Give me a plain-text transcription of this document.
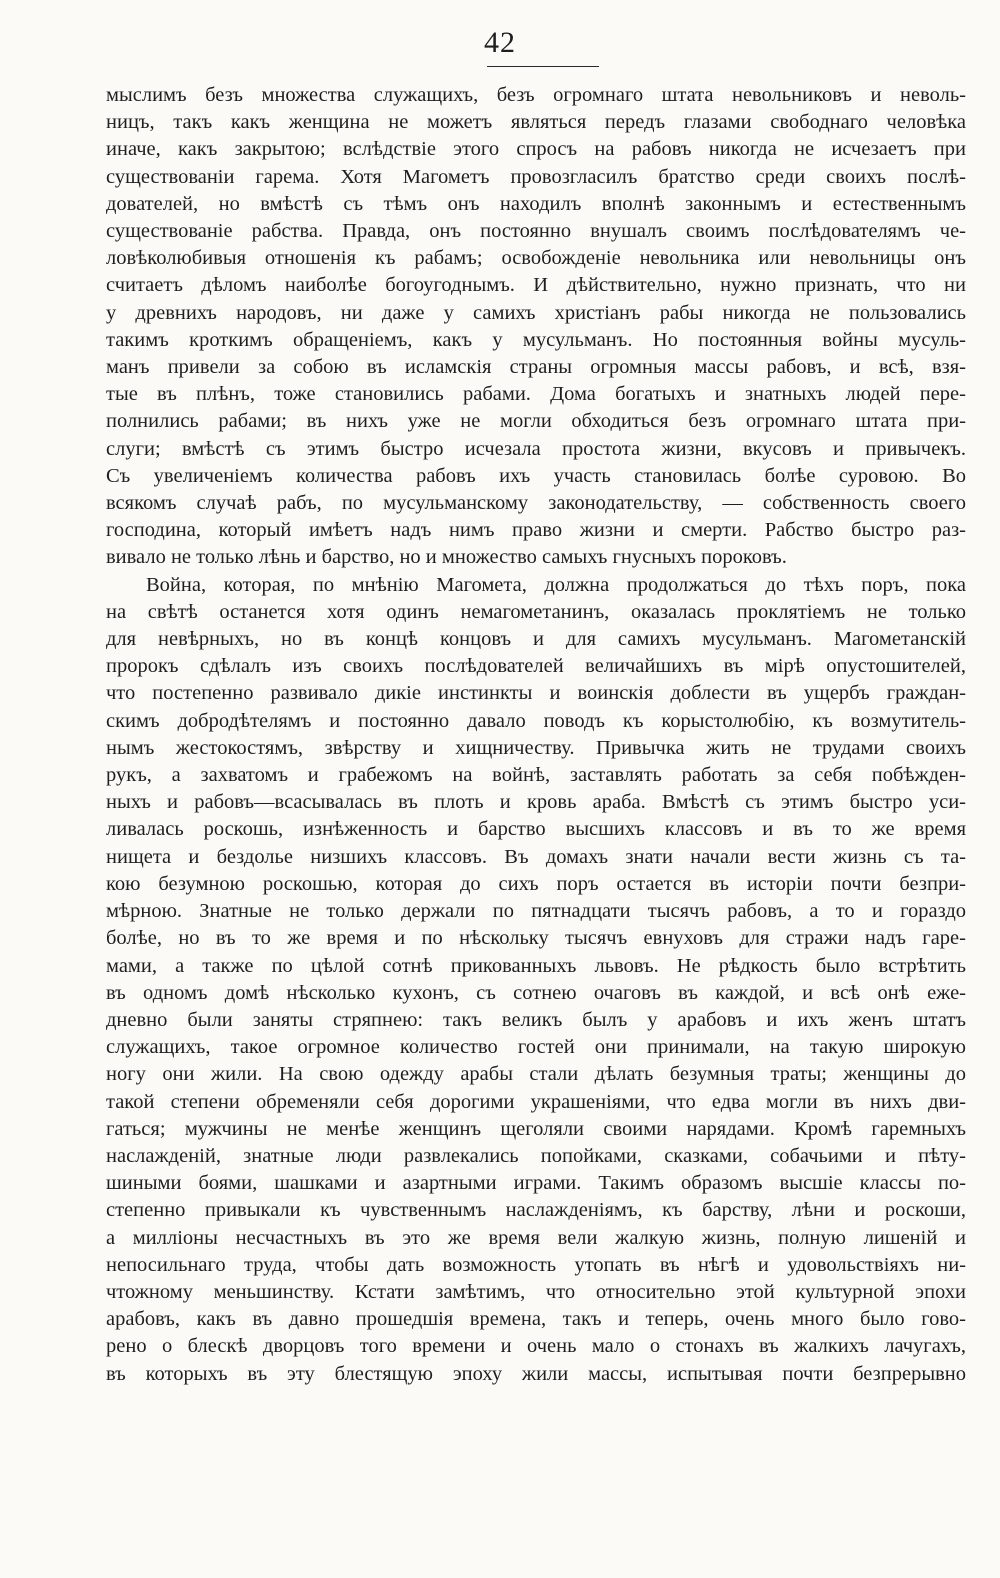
42
мыслимъ безъ множества служащихъ, безъ огромнаго штата невольниковъ и неволь-
ницъ, такъ какъ женщина не можетъ являться передъ глазами свободнаго человѣка
иначе, какъ закрытою; вслѣдствіе этого спросъ на рабовъ никогда не исчезаетъ при
существованіи гарема. Хотя Магометъ провозгласилъ братство среди своихъ послѣ-
дователей, но вмѣстѣ съ тѣмъ онъ находилъ вполнѣ законнымъ и естественнымъ
существованіе рабства. Правда, онъ постоянно внушалъ своимъ послѣдователямъ че-
ловѣколюбивыя отношенія къ рабамъ; освобожденіе невольника или невольницы онъ
считаетъ дѣломъ наиболѣе богоугоднымъ. И дѣйствительно, нужно признать, что ни
у древнихъ народовъ, ни даже у самихъ христіанъ рабы никогда не пользовались
такимъ кроткимъ обращеніемъ, какъ у мусульманъ. Но постоянныя войны мусуль-
манъ привели за собою въ исламскія страны огромныя массы рабовъ, и всѣ, взя-
тые въ плѣнъ, тоже становились рабами. Дома богатыхъ и знатныхъ людей пере-
полнились рабами; въ нихъ уже не могли обходиться безъ огромнаго штата при-
слуги; вмѣстѣ съ этимъ быстро исчезала простота жизни, вкусовъ и привычекъ.
Съ увеличеніемъ количества рабовъ ихъ участь становилась болѣе суровою. Во
всякомъ случаѣ рабъ, по мусульманскому законодательству, — собственность своего
господина, который имѣетъ надъ нимъ право жизни и смерти. Рабство быстро раз-
вивало не только лѣнь и барство, но и множество самыхъ гнусныхъ пороковъ.
Война, которая, по мнѣнію Магомета, должна продолжаться до тѣхъ поръ, пока
на свѣтѣ останется хотя одинъ немагометанинъ, оказалась проклятіемъ не только
для невѣрныхъ, но въ концѣ концовъ и для самихъ мусульманъ. Магометанскій
пророкъ сдѣлалъ изъ своихъ послѣдователей величайшихъ въ мірѣ опустошителей,
что постепенно развивало дикіе инстинкты и воинскія доблести въ ущербъ граждан-
скимъ добродѣтелямъ и постоянно давало поводъ къ корыстолюбію, къ возмутитель-
нымъ жестокостямъ, звѣрству и хищничеству. Привычка жить не трудами своихъ
рукъ, а захватомъ и грабежомъ на войнѣ, заставлять работать за себя побѣжден-
ныхъ и рабовъ—всасывалась въ плоть и кровь араба. Вмѣстѣ съ этимъ быстро уси-
ливалась роскошь, изнѣженность и барство высшихъ классовъ и въ то же время
нищета и бездолье низшихъ классовъ. Въ домахъ знати начали вести жизнь съ та-
кою безумною роскошью, которая до сихъ поръ остается въ исторіи почти безпри-
мѣрною. Знатные не только держали по пятнадцати тысячъ рабовъ, а то и гораздо
болѣе, но въ то же время и по нѣскольку тысячъ евнуховъ для стражи надъ гаре-
мами, а также по цѣлой сотнѣ прикованныхъ львовъ. Не рѣдкость было встрѣтить
въ одномъ домѣ нѣсколько кухонъ, съ сотнею очаговъ въ каждой, и всѣ онѣ еже-
дневно были заняты стряпнею: такъ великъ былъ у арабовъ и ихъ женъ штатъ
служащихъ, такое огромное количество гостей они принимали, на такую широкую
ногу они жили. На свою одежду арабы стали дѣлать безумныя траты; женщины до
такой степени обременяли себя дорогими украшеніями, что едва могли въ нихъ дви-
гаться; мужчины не менѣе женщинъ щеголяли своими нарядами. Кромѣ гаремныхъ
наслажденій, знатные люди развлекались попойками, сказками, собачьими и пѣту-
шиными боями, шашками и азартными играми. Такимъ образомъ высшіе классы по-
степенно привыкали къ чувственнымъ наслажденіямъ, къ барству, лѣни и роскоши,
а милліоны несчастныхъ въ это же время вели жалкую жизнь, полную лишеній и
непосильнаго труда, чтобы дать возможность утопать въ нѣгѣ и удовольствіяхъ ни-
чтожному меньшинству. Кстати замѣтимъ, что относительно этой культурной эпохи
арабовъ, какъ въ давно прошедшія времена, такъ и теперь, очень много было гово-
рено о блескѣ дворцовъ того времени и очень мало о стонахъ въ жалкихъ лачугахъ,
въ которыхъ въ эту блестящую эпоху жили массы, испытывая почти безпрерывно
